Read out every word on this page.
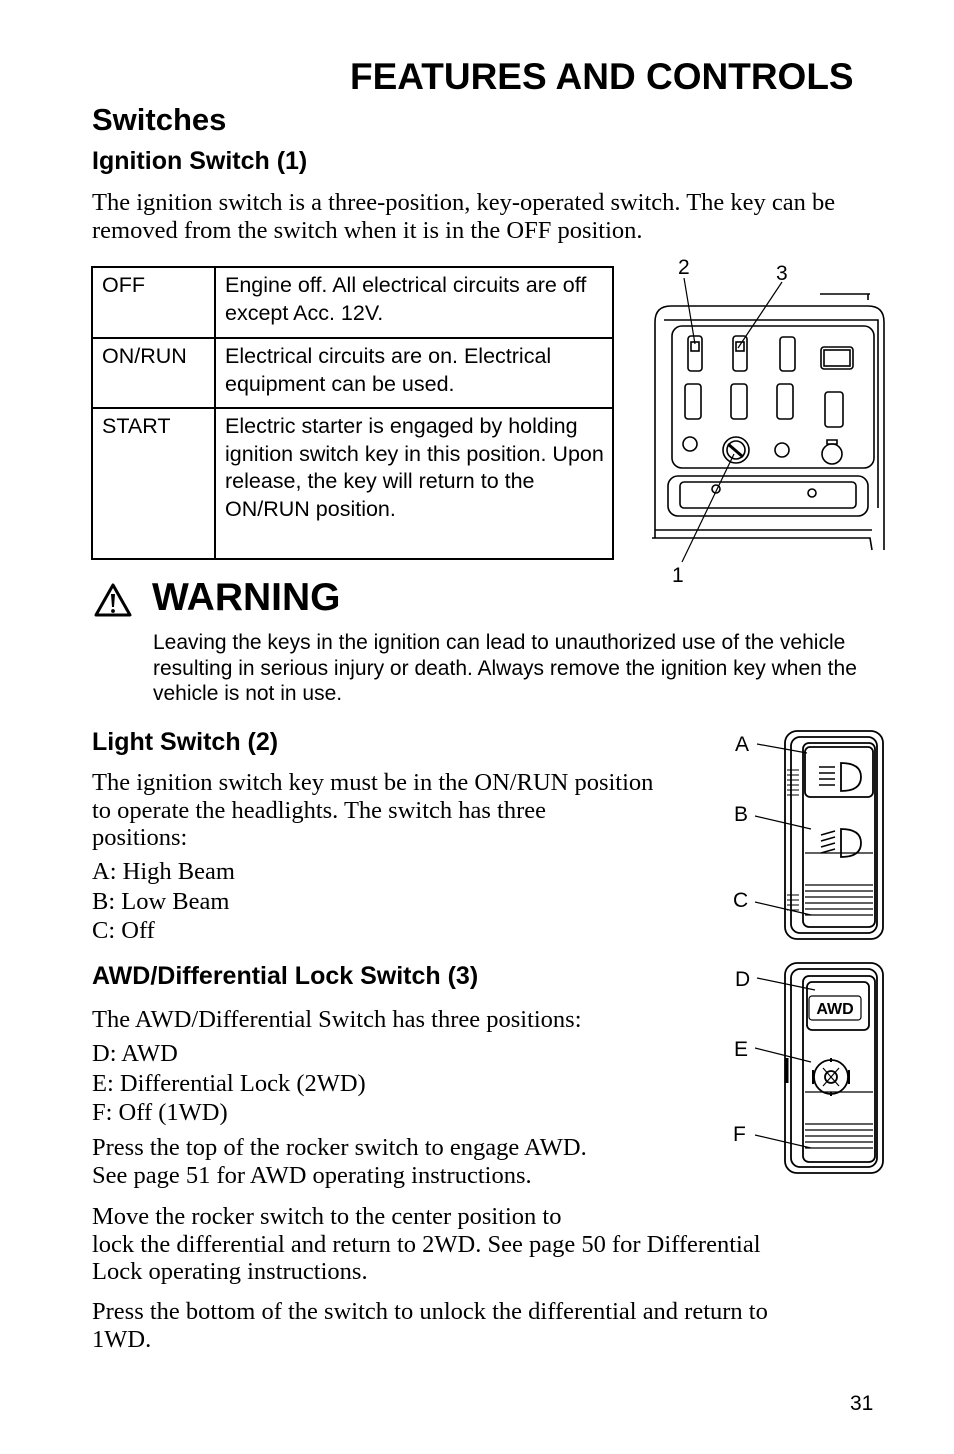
FEATURES AND CONTROLS
Switches
Ignition Switch (1)
The ignition switch is a three-position, key-operated switch. The key can be removed from the switch when it is in the OFF position.
OFF	Engine off. All electrical circuits are off except Acc. 12V.
ON/RUN	Electrical circuits are on. Electrical equipment can be used.
START	Electric starter is engaged by holding ignition switch key in this position. Upon release, the key will return to the ON/RUN position.
2	3
1
WARNING
Leaving the keys in the ignition can lead to unauthorized use of the vehicle resulting in serious injury or death. Always remove the ignition key when the vehicle is not in use.
Light Switch (2)
The ignition switch key must be in the ON/RUN position
to operate the headlights. The switch has three
positions:
A: High Beam
B: Low Beam
C: Off
A
B
C
AWD/Differential Lock Switch (3)
The AWD/Differential Switch has three positions:
D: AWD
E: Differential Lock (2WD)
F: Off (1WD)
Press the top of the rocker switch to engage AWD.
See page 51 for AWD operating instructions.
Move the rocker switch to the center position to
lock the differential and return to 2WD. See page 50 for Differential
Lock operating instructions.
Press the bottom of the switch to unlock the differential and return to
1WD.
AWD
D
E
F
31
